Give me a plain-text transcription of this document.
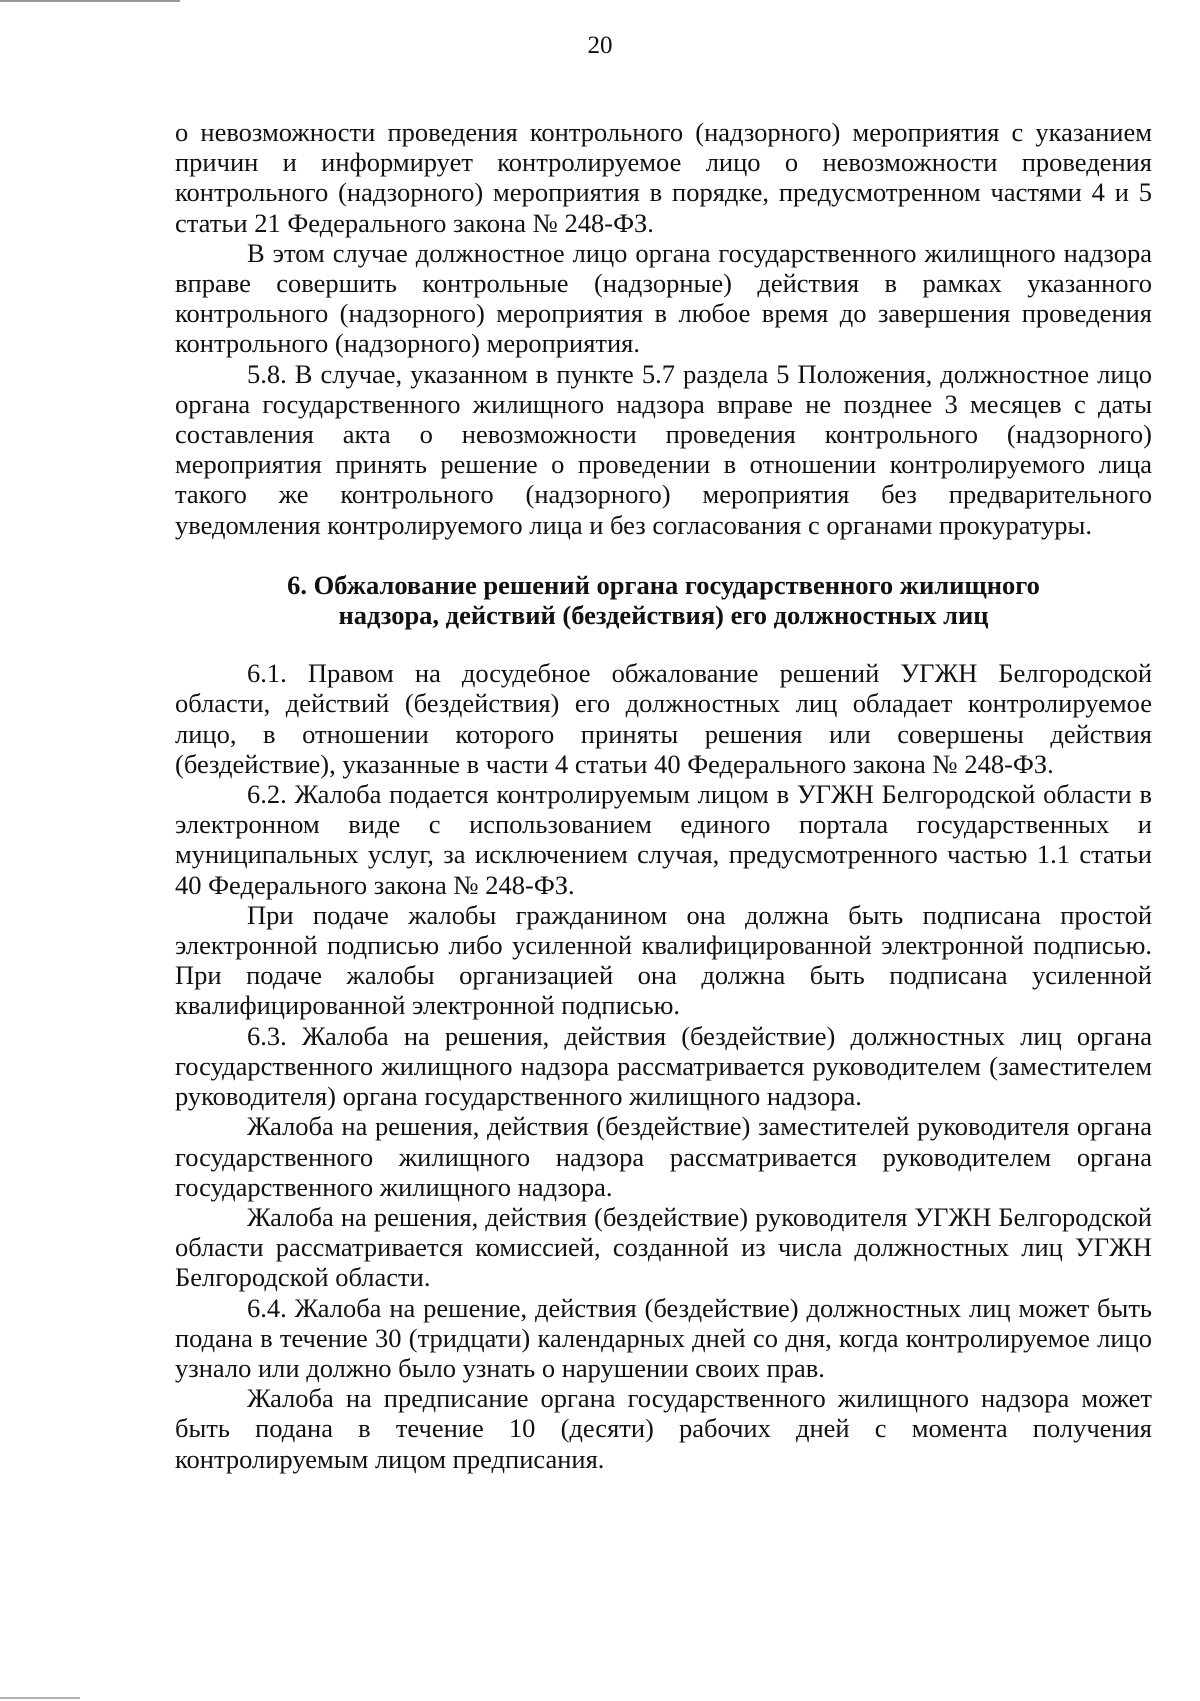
20

о невозможности проведения контрольного (надзорного) мероприятия с указанием причин и информирует контролируемое лицо о невозможности проведения контрольного (надзорного) мероприятия в порядке, предусмотренном частями 4 и 5 статьи 21 Федерального закона № 248-ФЗ.

В этом случае должностное лицо органа государственного жилищного надзора вправе совершить контрольные (надзорные) действия в рамках указанного контрольного (надзорного) мероприятия в любое время до завершения проведения контрольного (надзорного) мероприятия.

5.8. В случае, указанном в пункте 5.7 раздела 5 Положения, должностное лицо органа государственного жилищного надзора вправе не позднее 3 месяцев с даты составления акта о невозможности проведения контрольного (надзорного) мероприятия принять решение о проведении в отношении контролируемого лица такого же контрольного (надзорного) мероприятия без предварительного уведомления контролируемого лица и без согласования с органами прокуратуры.

6. Обжалование решений органа государственного жилищного
надзора, действий (бездействия) его должностных лиц

6.1. Правом на досудебное обжалование решений УГЖН Белгородской области, действий (бездействия) его должностных лиц обладает контролируемое лицо, в отношении которого приняты решения или совершены действия (бездействие), указанные в части 4 статьи 40 Федерального закона № 248-ФЗ.

6.2. Жалоба подается контролируемым лицом в УГЖН Белгородской области в электронном виде с использованием единого портала государственных и муниципальных услуг, за исключением случая, предусмотренного частью 1.1 статьи 40 Федерального закона № 248-ФЗ.

При подаче жалобы гражданином она должна быть подписана простой электронной подписью либо усиленной квалифицированной электронной подписью. При подаче жалобы организацией она должна быть подписана усиленной квалифицированной электронной подписью.

6.3. Жалоба на решения, действия (бездействие) должностных лиц органа государственного жилищного надзора рассматривается руководителем (заместителем руководителя) органа государственного жилищного надзора.

Жалоба на решения, действия (бездействие) заместителей руководителя органа государственного жилищного надзора рассматривается руководителем органа государственного жилищного надзора.

Жалоба на решения, действия (бездействие) руководителя УГЖН Белгородской области рассматривается комиссией, созданной из числа должностных лиц УГЖН Белгородской области.

6.4. Жалоба на решение, действия (бездействие) должностных лиц может быть подана в течение 30 (тридцати) календарных дней со дня, когда контролируемое лицо узнало или должно было узнать о нарушении своих прав.

Жалоба на предписание органа государственного жилищного надзора может быть подана в течение 10 (десяти) рабочих дней с момента получения контролируемым лицом предписания.
